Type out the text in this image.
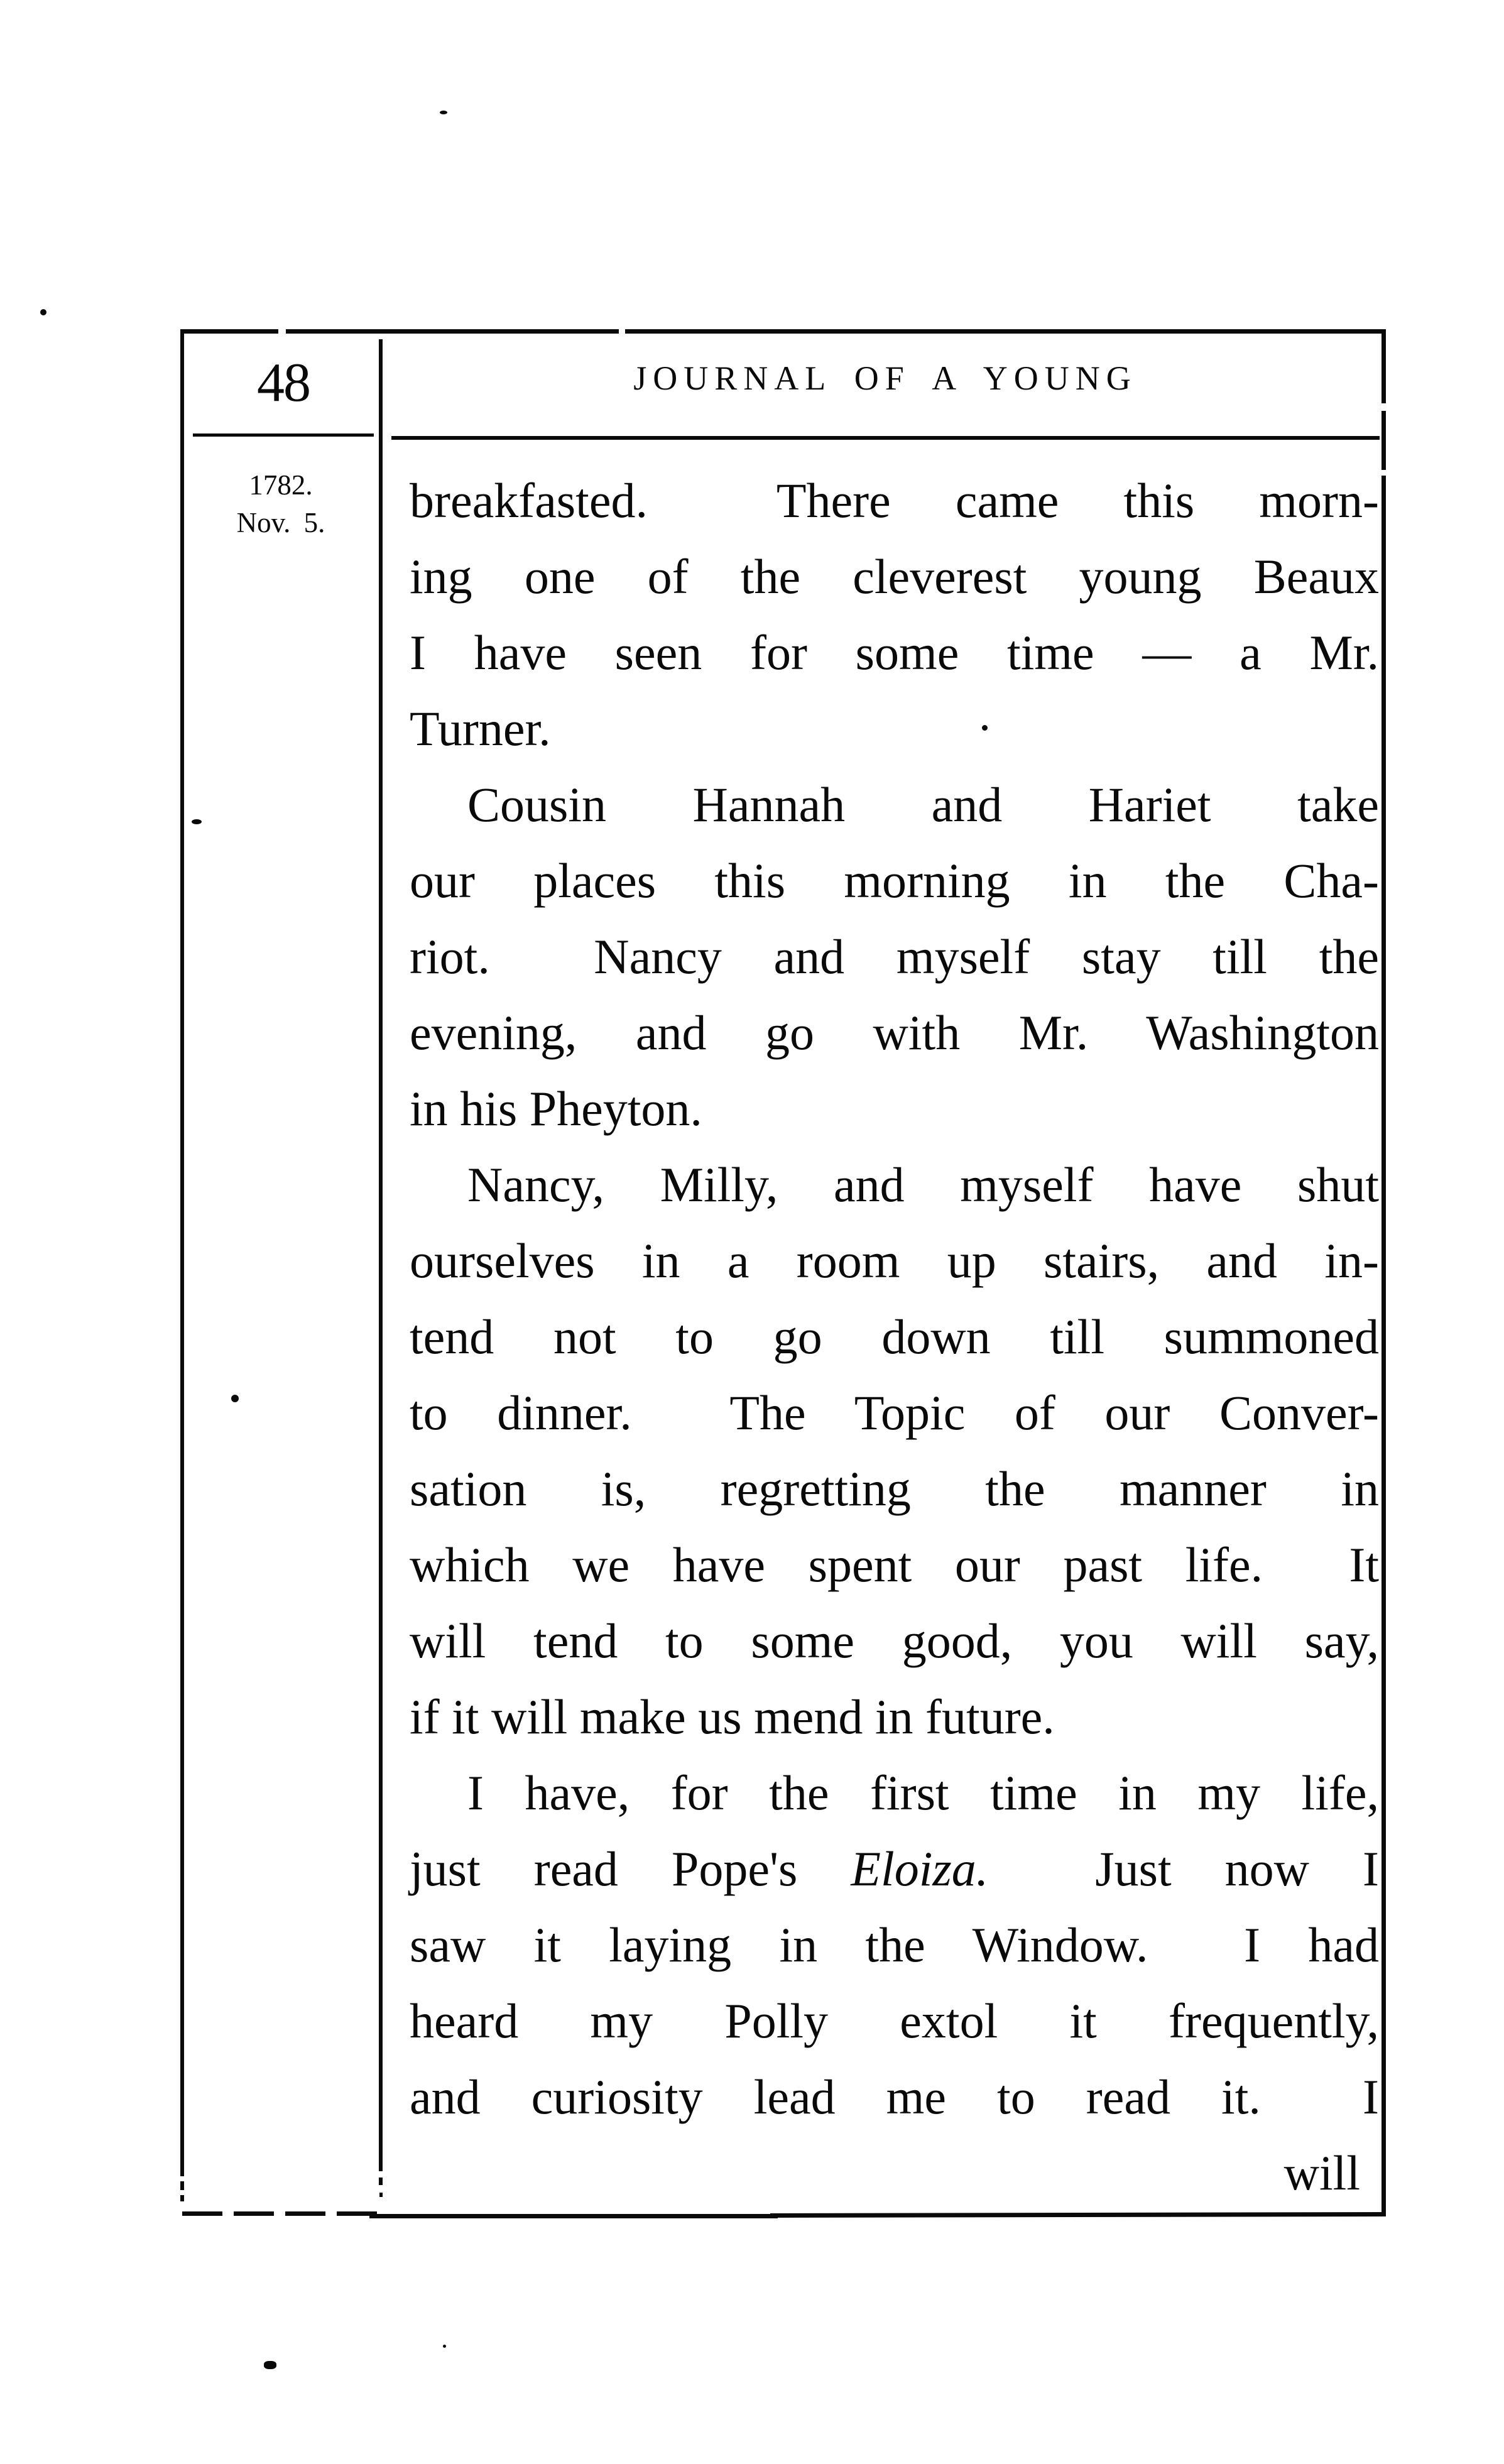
48	JOURNAL OF A YOUNG
1782.
Nov. 5.	breakfasted.  There came this morn-
ing one of the cleverest young Beaux
I have seen for some time — a Mr.
Turner.
Cousin Hannah and Hariet take
our places this morning in the Cha-
riot.  Nancy and myself stay till the
evening, and go with Mr. Washington
in his Pheyton.
Nancy, Milly, and myself have shut
ourselves in a room up stairs, and in-
tend not to go down till summoned
to dinner.  The Topic of our Conver-
sation is, regretting the manner in
which we have spent our past life.  It
will tend to some good, you will say,
if it will make us mend in future.
I have, for the first time in my life,
just read Pope's Eloiza.  Just now I
saw it laying in the Window.  I had
heard my Polly extol it frequently,
and curiosity lead me to read it.  I
will
